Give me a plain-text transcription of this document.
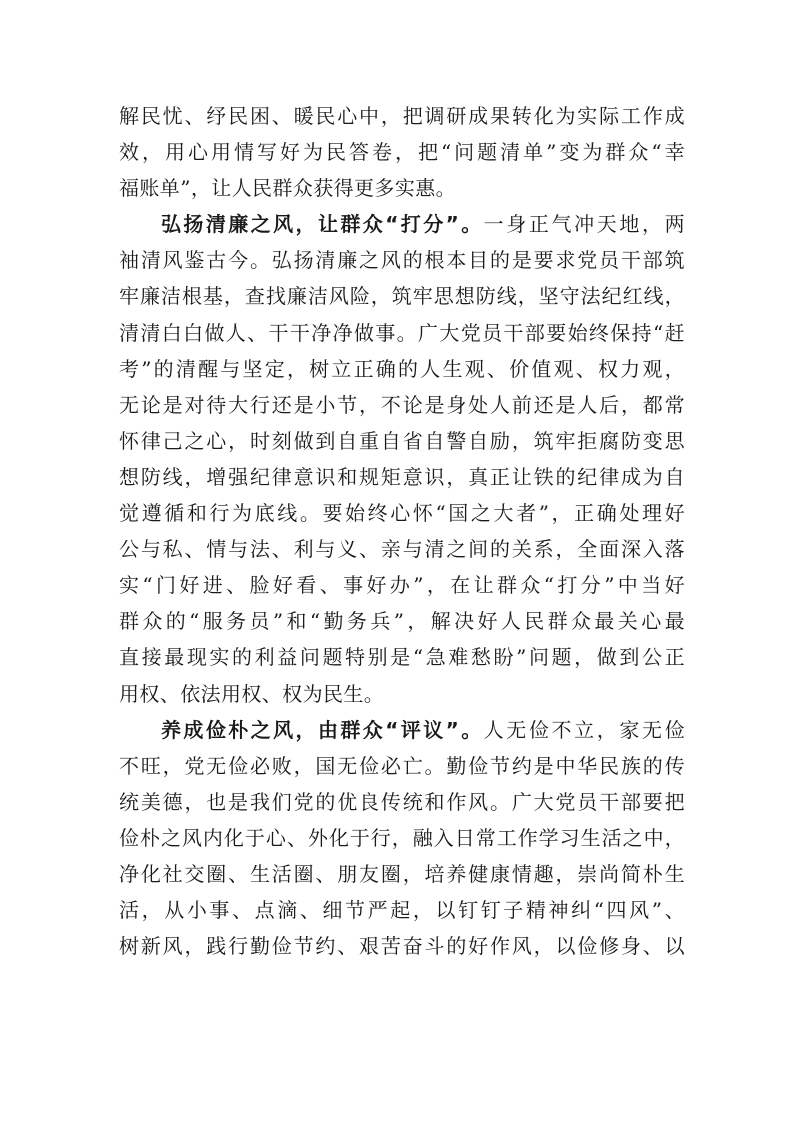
解民忧、纾民困、暖民心中，把调研成果转化为实际工作成
效，用心用情写好为民答卷，把“问题清单”变为群众“幸
福账单”，让人民群众获得更多实惠。
弘扬清廉之风，让群众“打分”。一身正气冲天地，两
袖清风鉴古今。弘扬清廉之风的根本目的是要求党员干部筑
牢廉洁根基，查找廉洁风险，筑牢思想防线，坚守法纪红线，
清清白白做人、干干净净做事。广大党员干部要始终保持“赶
考”的清醒与坚定，树立正确的人生观、价值观、权力观，
无论是对待大行还是小节，不论是身处人前还是人后，都常
怀律己之心，时刻做到自重自省自警自励，筑牢拒腐防变思
想防线，增强纪律意识和规矩意识，真正让铁的纪律成为自
觉遵循和行为底线。要始终心怀“国之大者”，正确处理好
公与私、情与法、利与义、亲与清之间的关系，全面深入落
实“门好进、脸好看、事好办”，在让群众“打分”中当好
群众的“服务员”和“勤务兵”，解决好人民群众最关心最
直接最现实的利益问题特别是“急难愁盼”问题，做到公正
用权、依法用权、权为民生。
养成俭朴之风，由群众“评议”。人无俭不立，家无俭
不旺，党无俭必败，国无俭必亡。勤俭节约是中华民族的传
统美德，也是我们党的优良传统和作风。广大党员干部要把
俭朴之风内化于心、外化于行，融入日常工作学习生活之中，
净化社交圈、生活圈、朋友圈，培养健康情趣，崇尚简朴生
活，从小事、点滴、细节严起，以钉钉子精神纠“四风”、
树新风，践行勤俭节约、艰苦奋斗的好作风，以俭修身、以
